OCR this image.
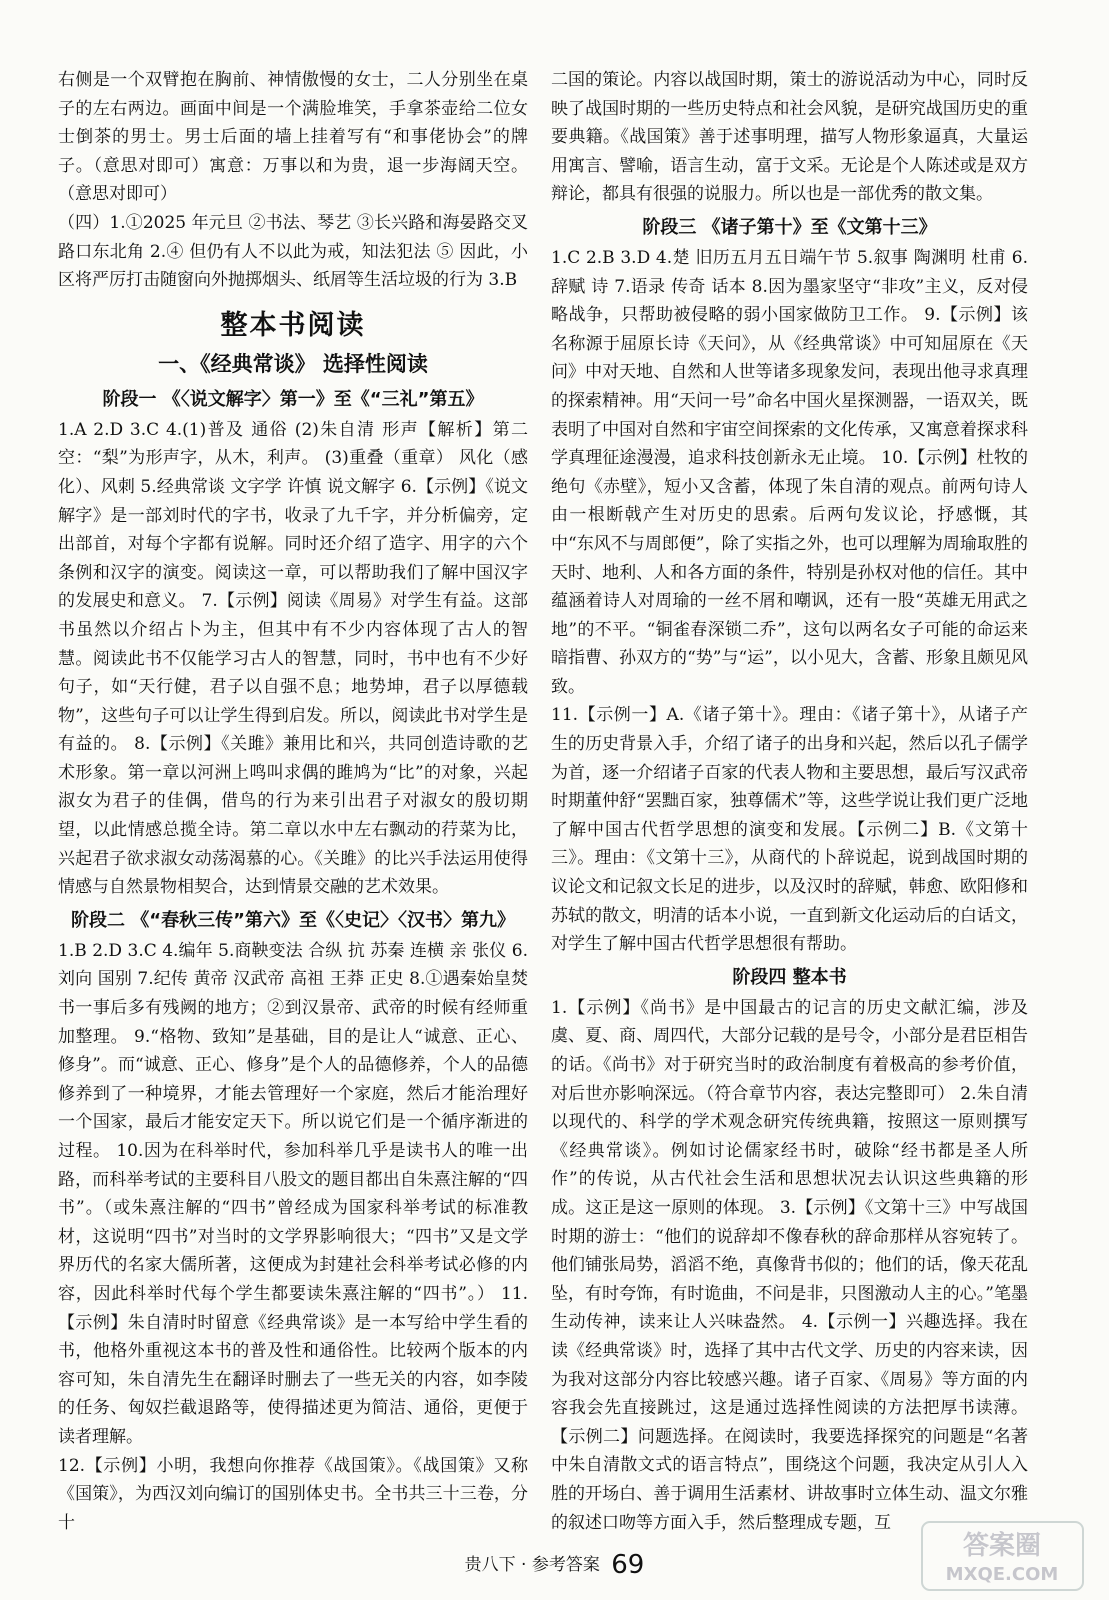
右侧是一个双臂抱在胸前、神情傲慢的女士，二人分别坐在桌子的左右两边。画面中间是一个满脸堆笑，手拿茶壶给二位女士倒茶的男士。男士后面的墙上挂着写有“和事佬协会”的牌子。（意思对即可）寓意：万事以和为贵，退一步海阔天空。（意思对即可）

（四）1.①2025 年元旦 ②书法、琴艺 ③长兴路和海晏路交叉路口东北角 2.④ 但仍有人不以此为戒，知法犯法 ⑤ 因此，小区将严厉打击随窗向外抛掷烟头、纸屑等生活垃圾的行为 3.B

整本书阅读
一、《经典常谈》 选择性阅读
阶段一 《〈说文解字〉第一》至《“三礼”第五》

1.A 2.D 3.C 4.(1)普及 通俗 (2)朱自清 形声【解析】第二空：“梨”为形声字，从木，利声。 (3)重叠（重章） 风化（感化）、风刺 5.经典常谈 文字学 许慎 说文解字 6.【示例】《说文解字》是一部刘时代的字书，收录了九千字，并分析偏旁，定出部首，对每个字都有说解。同时还介绍了造字、用字的六个条例和汉字的演变。阅读这一章，可以帮助我们了解中国汉字的发展史和意义。 7.【示例】阅读《周易》对学生有益。这部书虽然以介绍占卜为主，但其中有不少内容体现了古人的智慧。阅读此书不仅能学习古人的智慧，同时，书中也有不少好句子，如“天行健，君子以自强不息；地势坤，君子以厚德载物”，这些句子可以让学生得到启发。所以，阅读此书对学生是有益的。 8.【示例】《关雎》兼用比和兴，共同创造诗歌的艺术形象。第一章以河洲上鸣叫求偶的雎鸠为“比”的对象，兴起淑女为君子的佳偶，借鸟的行为来引出君子对淑女的殷切期望，以此情感总揽全诗。第二章以水中左右飘动的荇菜为比，兴起君子欲求淑女动荡渴慕的心。《关雎》的比兴手法运用使得情感与自然景物相契合，达到情景交融的艺术效果。

阶段二 《“春秋三传”第六》至《〈史记〉〈汉书〉第九》

1.B 2.D 3.C 4.编年 5.商鞅变法 合纵 抗 苏秦 连横 亲 张仪 6.刘向 国别 7.纪传 黄帝 汉武帝 高祖 王莽 正史 8.①遇秦始皇焚书一事后多有残阙的地方；②到汉景帝、武帝的时候有经师重加整理。 9.“格物、致知”是基础，目的是让人“诚意、正心、修身”。而“诚意、正心、修身”是个人的品德修养，个人的品德修养到了一种境界，才能去管理好一个家庭，然后才能治理好一个国家，最后才能安定天下。所以说它们是一个循序渐进的过程。 10.因为在科举时代，参加科举几乎是读书人的唯一出路，而科举考试的主要科目八股文的题目都出自朱熹注解的“四书”。（或朱熹注解的“四书”曾经成为国家科举考试的标准教材，这说明“四书”对当时的文学界影响很大；“四书”又是文学界历代的名家大儒所著，这便成为封建社会科举考试必修的内容，因此科举时代每个学生都要读朱熹注解的“四书”。） 11.【示例】朱自清时时留意《经典常谈》是一本写给中学生看的书，他格外重视这本书的普及性和通俗性。比较两个版本的内容可知，朱自清先生在翻译时删去了一些无关的内容，如李陵的任务、匈奴拦截退路等，使得描述更为简洁、通俗，更便于读者理解。

12.【示例】小明，我想向你推荐《战国策》。《战国策》又称《国策》，为西汉刘向编订的国别体史书。全书共三十三卷，分十

二国的策论。内容以战国时期，策士的游说活动为中心，同时反映了战国时期的一些历史特点和社会风貌，是研究战国历史的重要典籍。《战国策》善于述事明理，描写人物形象逼真，大量运用寓言、譬喻，语言生动，富于文采。无论是个人陈述或是双方辩论，都具有很强的说服力。所以也是一部优秀的散文集。

阶段三 《诸子第十》至《文第十三》

1.C 2.B 3.D 4.楚 旧历五月五日端午节 5.叙事 陶渊明 杜甫 6.辞赋 诗 7.语录 传奇 话本 8.因为墨家坚守“非攻”主义，反对侵略战争，只帮助被侵略的弱小国家做防卫工作。 9.【示例】该名称源于屈原长诗《天问》，从《经典常谈》中可知屈原在《天问》中对天地、自然和人世等诸多现象发问，表现出他寻求真理的探索精神。用“天问一号”命名中国火星探测器，一语双关，既表明了中国对自然和宇宙空间探索的文化传承，又寓意着探求科学真理征途漫漫，追求科技创新永无止境。 10.【示例】杜牧的绝句《赤壁》，短小又含蓄，体现了朱自清的观点。前两句诗人由一根断戟产生对历史的思索。后两句发议论，抒感慨，其中“东风不与周郎便”，除了实指之外，也可以理解为周瑜取胜的天时、地利、人和各方面的条件，特别是孙权对他的信任。其中蕴涵着诗人对周瑜的一丝不屑和嘲讽，还有一股“英雄无用武之地”的不平。“铜雀春深锁二乔”，这句以两名女子可能的命运来暗指曹、孙双方的“势”与“运”，以小见大，含蓄、形象且颇见风致。

11.【示例一】A.《诸子第十》。理由：《诸子第十》，从诸子产生的历史背景入手，介绍了诸子的出身和兴起，然后以孔子儒学为首，逐一介绍诸子百家的代表人物和主要思想，最后写汉武帝时期董仲舒“罢黜百家，独尊儒术”等，这些学说让我们更广泛地了解中国古代哲学思想的演变和发展。【示例二】B.《文第十三》。理由：《文第十三》，从商代的卜辞说起，说到战国时期的议论文和记叙文长足的进步，以及汉时的辞赋，韩愈、欧阳修和苏轼的散文，明清的话本小说，一直到新文化运动后的白话文，对学生了解中国古代哲学思想很有帮助。

阶段四 整本书

1.【示例】《尚书》是中国最古的记言的历史文献汇编，涉及虞、夏、商、周四代，大部分记载的是号令，小部分是君臣相告的话。《尚书》对于研究当时的政治制度有着极高的参考价值，对后世亦影响深远。（符合章节内容，表达完整即可） 2.朱自清以现代的、科学的学术观念研究传统典籍，按照这一原则撰写《经典常谈》。例如讨论儒家经书时，破除“经书都是圣人所作”的传说，从古代社会生活和思想状况去认识这些典籍的形成。这正是这一原则的体现。 3.【示例】《文第十三》中写战国时期的游士：“他们的说辞却不像春秋的辞命那样从容宛转了。他们铺张局势，滔滔不绝，真像背书似的；他们的话，像天花乱坠，有时夸饰，有时诡曲，不问是非，只图激动人主的心。”笔墨生动传神，读来让人兴味盎然。 4.【示例一】兴趣选择。我在读《经典常谈》时，选择了其中古代文学、历史的内容来读，因为我对这部分内容比较感兴趣。诸子百家、《周易》等方面的内容我会先直接跳过，这是通过选择性阅读的方法把厚书读薄。【示例二】问题选择。在阅读时，我要选择探究的问题是“名著中朱自清散文式的语言特点”，围绕这个问题，我决定从引人入胜的开场白、善于调用生活素材、讲故事时立体生动、温文尔雅的叙述口吻等方面入手，然后整理成专题，互

贵八下 · 参考答案 69
答案圈
MXQE.COM
